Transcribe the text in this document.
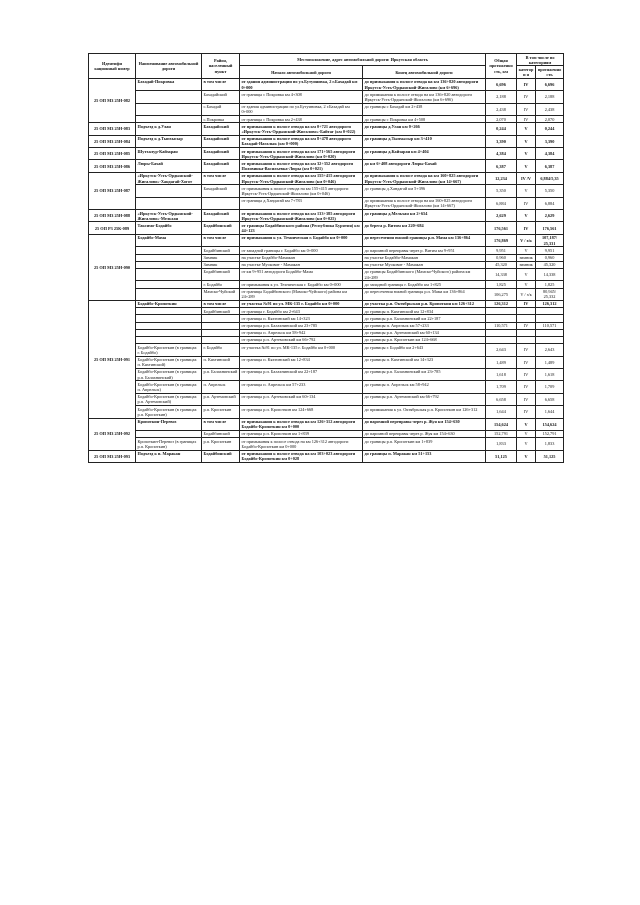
Идентифи кационный номер	Наименование автомобильной дороги	Район, населенный пункт	Местоположение, адрес автомобильной дороги: Иркутская область		Общая протяженно сть, км	В том числе по категориям	
			Начало автомобильной дороги	Конец автомобильной дороги		категори я	протяженно сть
25 ОП МЗ 25Н-082	Бахадай-Покровка	в том числе	от здания администрации по ул.Бутуиновка, 2 г.Бахадай км 0+000	до примыкания к полосе отвода на км 136+820 автодороги Иркутск-Усть-Ордынский-Жигалово (км 6+696)	6,696	IV	6,696
		Бахадайский	от границы с Покровка км 4+308	до примыкания к полосе отвода на км 136+820 автодороги Иркутск-Усть-Ордынский-Жигалово (км 6+696)	2,188	IV	2,188
		с.Бахадай	от здания администрации по ул.Бутуиновка, 2 г.Бахадай км 0+000	до границы с Бахадай км 2+438	2,438	IV	2,438
		с.Покровка	от границы с Покровка км 2+438	до границы с Покровка км 4+508	2,070	IV	2,070
25 ОП МЗ 25Н-083	Подъезд к д.Улан	Бахадайский	от примыкания к полосе отвода на км 0+721 автодороги «Иркутск-Усть-Ордынский-Жигалово»-Байтаг (км 0+022)	до границы д.Улан км 0+266	0,244	V	0,244
25 ОП МЗ 25Н-084	Подъезд к д.Тыпхысыр	Бахадайский	от примыкания к полосе отвода на км 8+478 автодороги Бахадай-Нагалык (км 0+000)	до границы д.Тыпхысыр км 3+410	3,390	V	3,390
25 ОП МЗ 25Н-085	Шутхалур-Кайзаран	Бахадайский	от примыкания к полосе отвода на км 171+565 автодороги Иркутск-Усть-Ордынский-Жигалово (км 0+020)	до границы д.Кайзаран км 4+404	4,384	V	4,384
25 ОП МЗ 25Н-086	Люры-Бахай	Бахадайский	от примыкания к полосе отвода на км 32+352 автодороги Половинка-Васильевка-Люры (км 0+021)	до км 6+408 автодороги Люры-Бахай	6,387	V	6,387
25 ОП МЗ 25Н-087	«Иркутск-Усть-Ордынский-Жигалово»-Хандагай-Хогот	в том числе	от примыкания к полосе отвода на км 155+415 автодороги Иркутск-Усть-Ордынский-Жигалово (км 0+046)	до примыкания к полосе отвода на км 160+825 автодороги Иркутск-Усть-Ордынский-Жигалово (км 14+667)	12,234	IV /V	6,884/5,35
		Бахадайский	от примыкания к полосе отвода на км 155+415 автодороги Иркутск-Усть-Ордынский-Жигалово (км 0+046)	до границы д.Хандагай км 5+396	5,350	V	5,350
			от границы д.Хандагай км 7+783	до примыкания к полосе отвода на км 160+825 автодороги Иркутск-Усть-Ордынский-Жигалово (км 14+667)	6,884	IV	6,884
25 ОП МЗ 25Н-088	«Иркутск-Усть-Ордынский-Жигалово»-Мельхан	Бахадайский	от примыкания к полосе отвода на км 133+385 автодороги Иркутск-Усть-Ордынский-Жигалово (км 0+025)	до границы д.Мельхан км 2+654	2,629	V	2,629
25 ОП Р3 25К-089	Таксимо-Бодайбо	Бодайбинский	от границы Бодайбинского района (Республика Бурятия) км 44+123	до берега р. Витим км 220+684	176,561	IV	176,561
25 ОП МЗ 25Н-090	Бодайбо-Мама	в том числе	от примыкания к ул. Техническая г. Бодайбо км 0+000	до пересечения южной границы р.п. Мама км 136+864	176,869	V / з/к	107,187/ 25,331
		Бодайбинский	от западной границы г. Бодайбо км 0+000	до паромной переправы через р. Витим км 9+951	9,951	V	9,951
		Зимник	на участке Бодайбо-Мамакан	на участке Бодайбо-Мамакан	0,960	зимник	0,960
		Зимник	на участке Мусковит - Мамакан	на участке Мусковит - Мамакан	45,320	зимник	45,320
		Бодайбинский	от км 9+951 автодороги Бодайбо-Мама	до границы Бодайбинского (Мамско-Чуйского) района км 24+289	14,338	V	14,338
		г. Бодайбо	от примыкания к ул. Техническая г. Бодайбо км 0+000	до западной границы г. Бодайбо км 1+825	1,825	V	1,825
		Мамско-Чуйский	от границы Бодайбинского (Мамско-Чуйского) района км 24+289	до пересечения южной границы р.п. Мама км 136+864	106,275	V / з/к	80,945/ 25,332
25 ОП МЗ 25Н-091	Бодайбо-Кропоткин	в том числе	от участка №91 по ул. МК-135 г. Бодайбо км 0+000	до участка р.п. Октябрьская р.п. Кропоткин км 126+312	126,312	IV	126,312
		Бодайбинский	от границы г. Бодайбо км 2+643	до границы п. Кяхтинский км 12+834			
			от границы п. Кяхтинский км 14+323	до границы р.п. Балахнинский км 22+187			
			от границы р.п. Балахнинский км 23+785	до границы п. Апрельск км 57+233	110,571	IV	110,571
			от границы п. Апрельск км 58+942	до границы р.п. Артемовский км 60+134			
			от границы р.п. Артемовский км 66+792	до границы р.п. Кропоткин км 124+668			
	Бодайбо-Кропоткин (в границах г. Бодайбо)	г. Бодайбо	от участка №91 по ул. МК-135 г. Бодайбо км 0+000	до границы г. Бодайбо км 2+643	2,643	IV	2,643
	Бодайбо-Кропоткин (в границах п. Кяхтинский)	п. Кяхтинский	от границы п. Кяхтинский км 12+834	до границы п. Кяхтинский км 14+323	1,489	IV	1,489
	Бодайбо-Кропоткин (в границах р.п. Балахнинский)	р.п. Балахнинский	от границы р.п. Балахнинский км 22+187	до границы р.п. Балахнинский км 23+785	1,618	IV	1,618
	Бодайбо-Кропоткин (в границах п. Апрельск)	п. Апрельск	от границы п. Апрельск км 57+233	до границы п. Апрельск км 58+942	1,709	IV	1,709
	Бодайбо-Кропоткин (в границах р.п. Артемовский)	р.п. Артемовский	от границы р.п. Артемовский км 60+134	до границы р.п. Артемовский км 66+792	6,658	IV	6,658
	Бодайбо-Кропоткин (в границах р.п. Кропоткин)	р.п. Кропоткин	от границы р.п. Кропоткин км 124+668	до примыкания к ул. Октябрьская р.п. Кропоткин км 126+312	1,644	IV	1,644
25 ОП МЗ 25Н-092	Кропоткин-Перевоз	в том числе	от примыкания к полосе отвода на км 126+312 автодороги Бодайбо-Кропоткин км 0+000	до паромной переправы через р. Жуя км 154+630	154,624	V	154,624
		Бодайбинский	от границы р.п. Кропоткин км 1+839	до паромной переправы через р. Жуя км 154+630	152,791	V	152,791
	Кропоткин-Перевоз (в границах р.п. Кропоткин)	р.п. Кропоткин	от примыкания к полосе отвода на км 126+312 автодороги Бодайбо-Кропоткин км 0+000	до границы р.п. Кропоткин км 1+839	1,833	V	1,833
25 ОП МЗ 25Н-093	Подъезд к п. Маракан	Бодайбинский	от примыкания к полосе отвода на км 103+023 автодороги Бодайбо-Кропоткин км 0+028	до границы п. Маракан км 51+153	51,125	V	51,125
